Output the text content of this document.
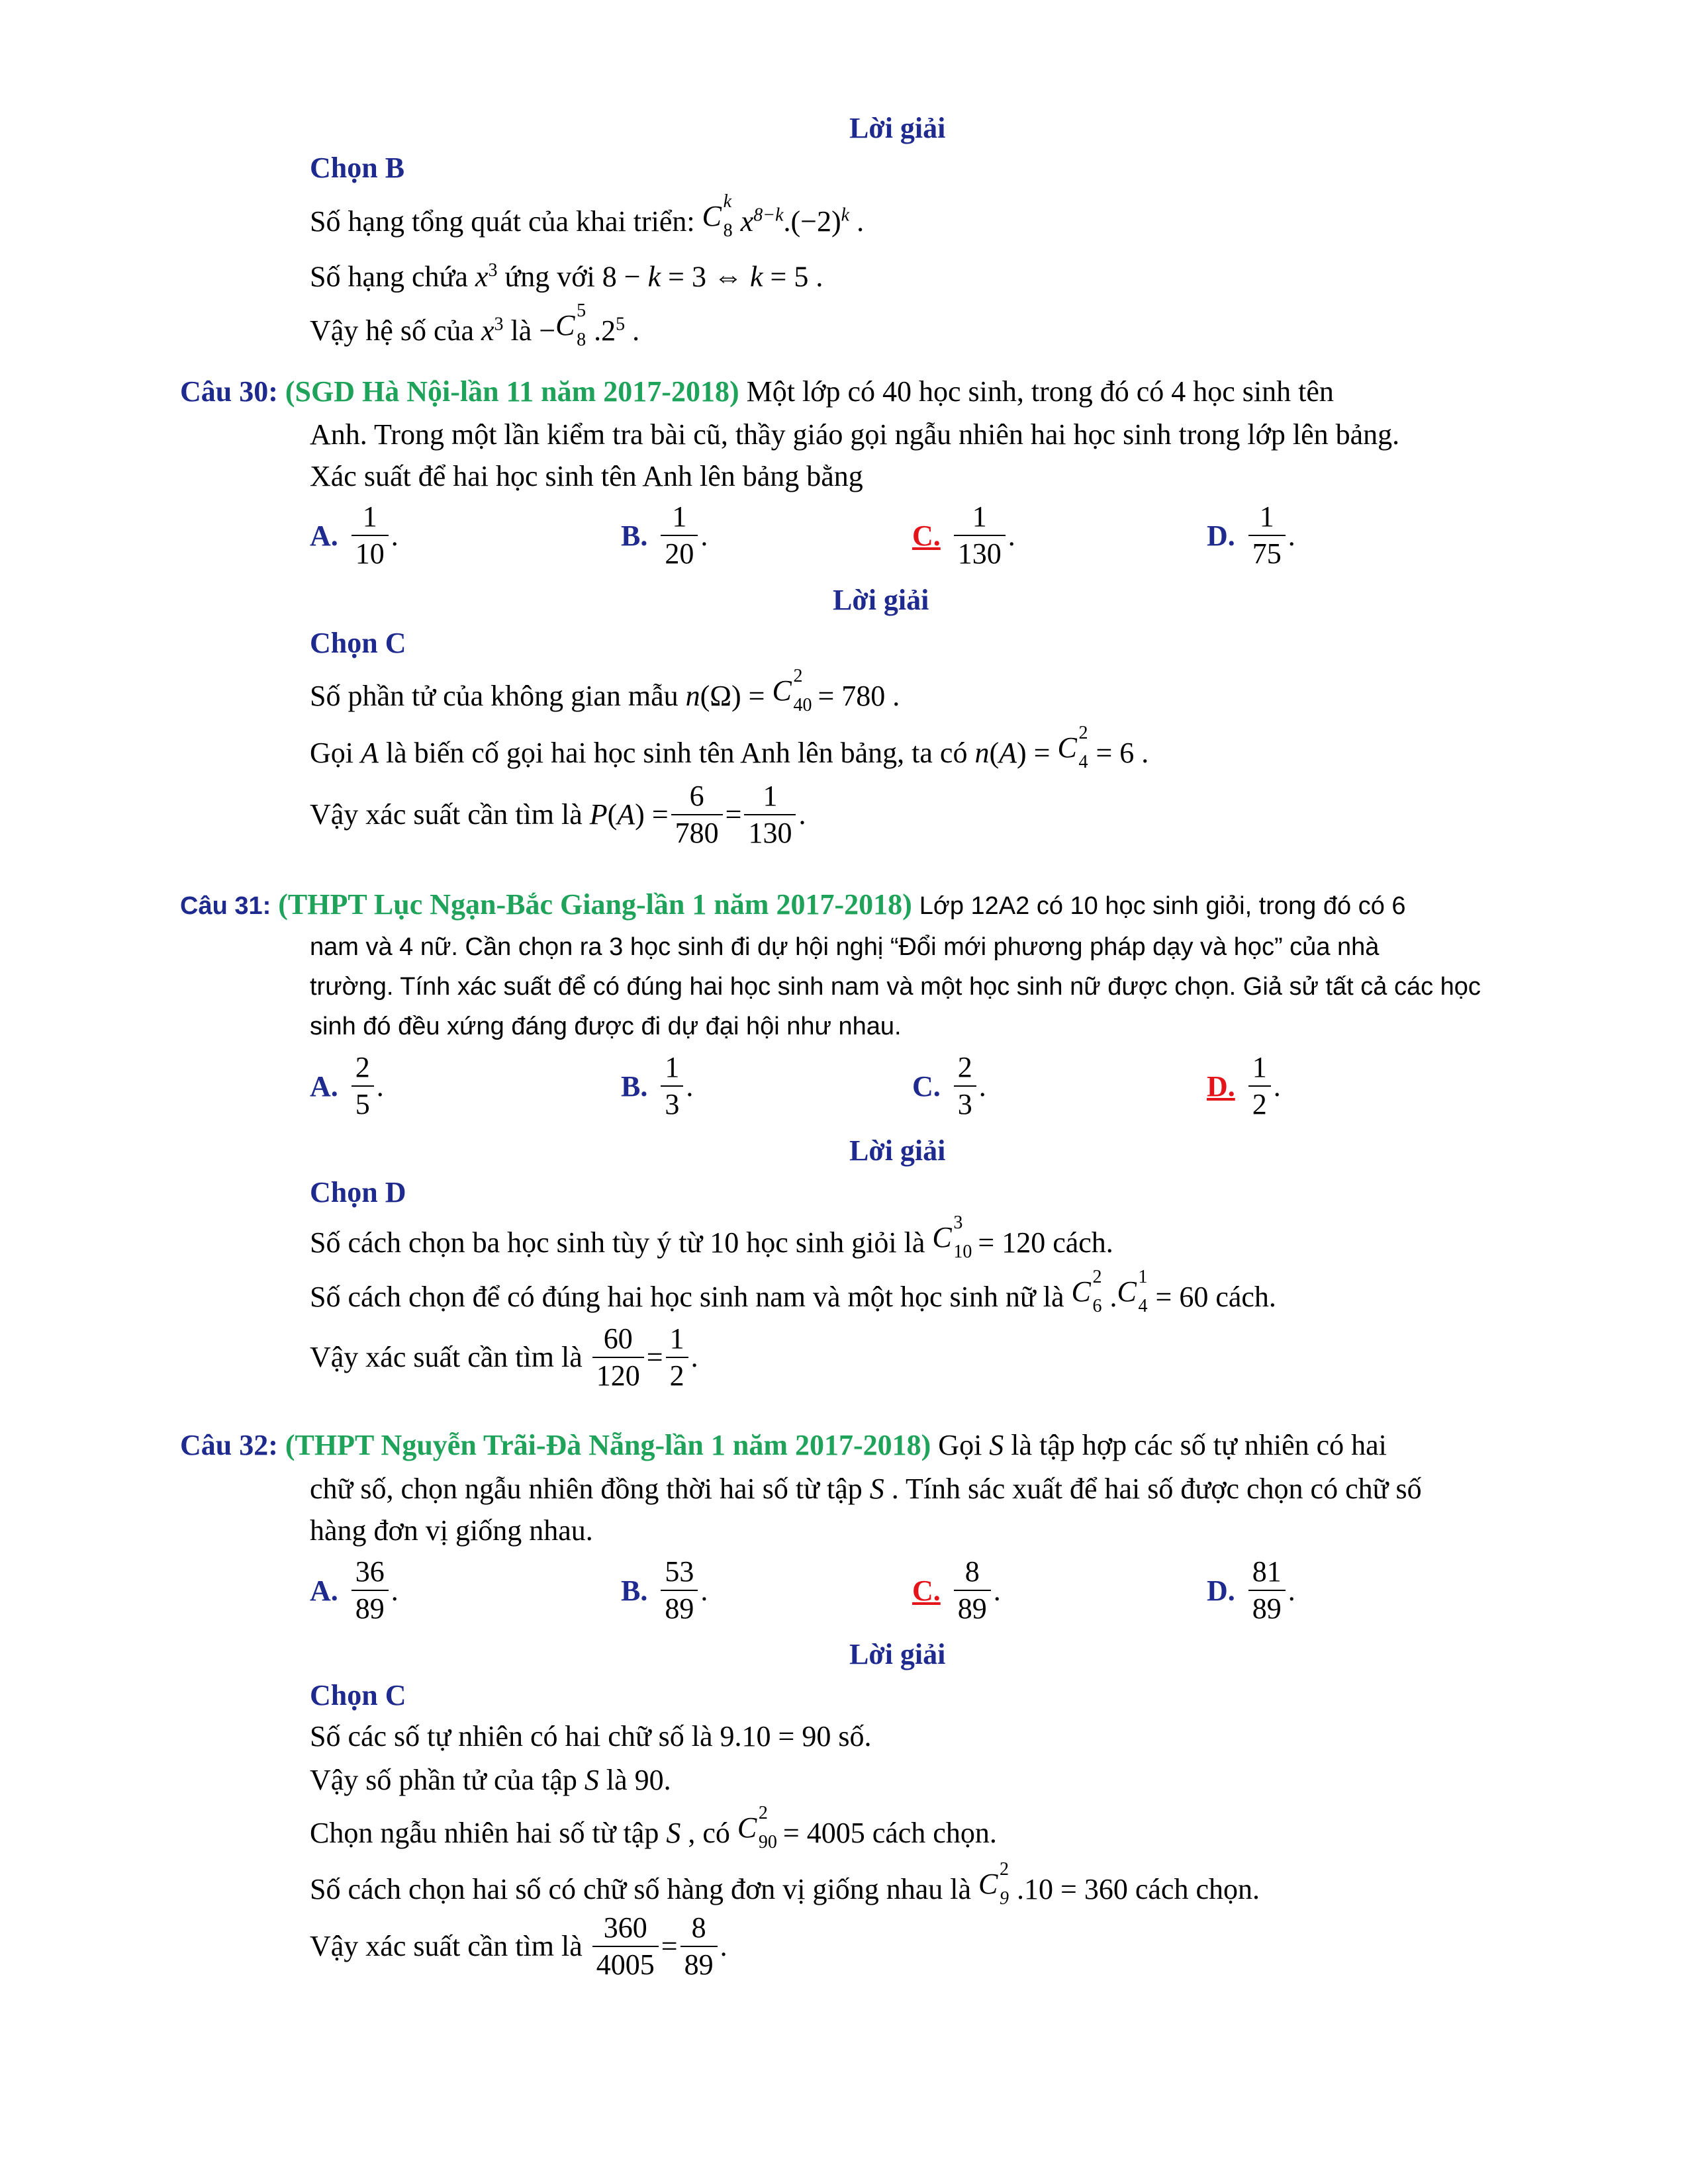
Lời giải
Chọn B
Số hạng tổng quát của khai triển: C k
8 $x^{8-k}.(-2)^k$ .
Số hạng chứa $x^3$ ứng với 8 − k = 3 ⇔ k = 5 .
Vậy hệ số của $x^3$ là − C 5
8 $.2^5$ .
Câu 30: (SGD Hà Nội-lần 11 năm 2017-2018) Một lớp có 40 học sinh, trong đó có 4 học sinh tên
Anh. Trong một lần kiểm tra bài cũ, thầy giáo gọi ngẫu nhiên hai học sinh trong lớp lên bảng.
Xác suất để hai học sinh tên Anh lên bảng bằng
A.
1
10
.	B.
1
20
.	C.
1
130
.	D.
1
75
.
Lời giải
Chọn C
Số phần tử của không gian mẫu n(Ω) = C 2
40
= 780 .
Gọi A là biến cố gọi hai học sinh tên Anh lên bảng, ta có n(A) = C 2
4 = 6 .
Vậy xác suất cần tìm là
P ( A ) =
6
780
=
1
130
.
Câu 31: (THPT Lục Ngạn-Bắc Giang-lần 1 năm 2017-2018) Lớp 12A2 có 10 học sinh giỏi, trong đó có 6
nam và 4 nữ. Cần chọn ra 3 học sinh đi dự hội nghị “Đổi mới phương pháp dạy và học” của nhà
trường. Tính xác suất để có đúng hai học sinh nam và một học sinh nữ được chọn. Giả sử tất cả các học
sinh đó đều xứng đáng được đi dự đại hội như nhau.
A.
2
5
.	B.
1
3
.	C.
2
3
.	D.
1
2
.
Lời giải
Chọn D
Số cách chọn ba học sinh tùy ý từ 10 học sinh giỏi là C 3
10
= 120 cách.
Số cách chọn để có đúng hai học sinh nam và một học sinh nữ là C 2
6 . C 1
4 = 60 cách.
Vậy xác suất cần tìm là

60
120
=
1
2
.
Câu 32: (THPT Nguyễn Trãi-Đà Nẵng-lần 1 năm 2017-2018) Gọi S là tập hợp các số tự nhiên có hai
chữ số, chọn ngẫu nhiên đồng thời hai số từ tập S . Tính sác xuất để hai số được chọn có chữ số
hàng đơn vị giống nhau.
A.
36
89
.	B.
53
89
.	C.
8
89
.	D.
81
89
.
Lời giải
Chọn C
Số các số tự nhiên có hai chữ số là 9.10 = 90 số.
Vậy số phần tử của tập S là 90.
Chọn ngẫu nhiên hai số từ tập S , có C 2
90
= 4005 cách chọn.
Số cách chọn hai số có chữ số hàng đơn vị giống nhau là C 2
9 .10 = 360 cách chọn.
Vậy xác suất cần tìm là

360
4005
=
8
89
.
